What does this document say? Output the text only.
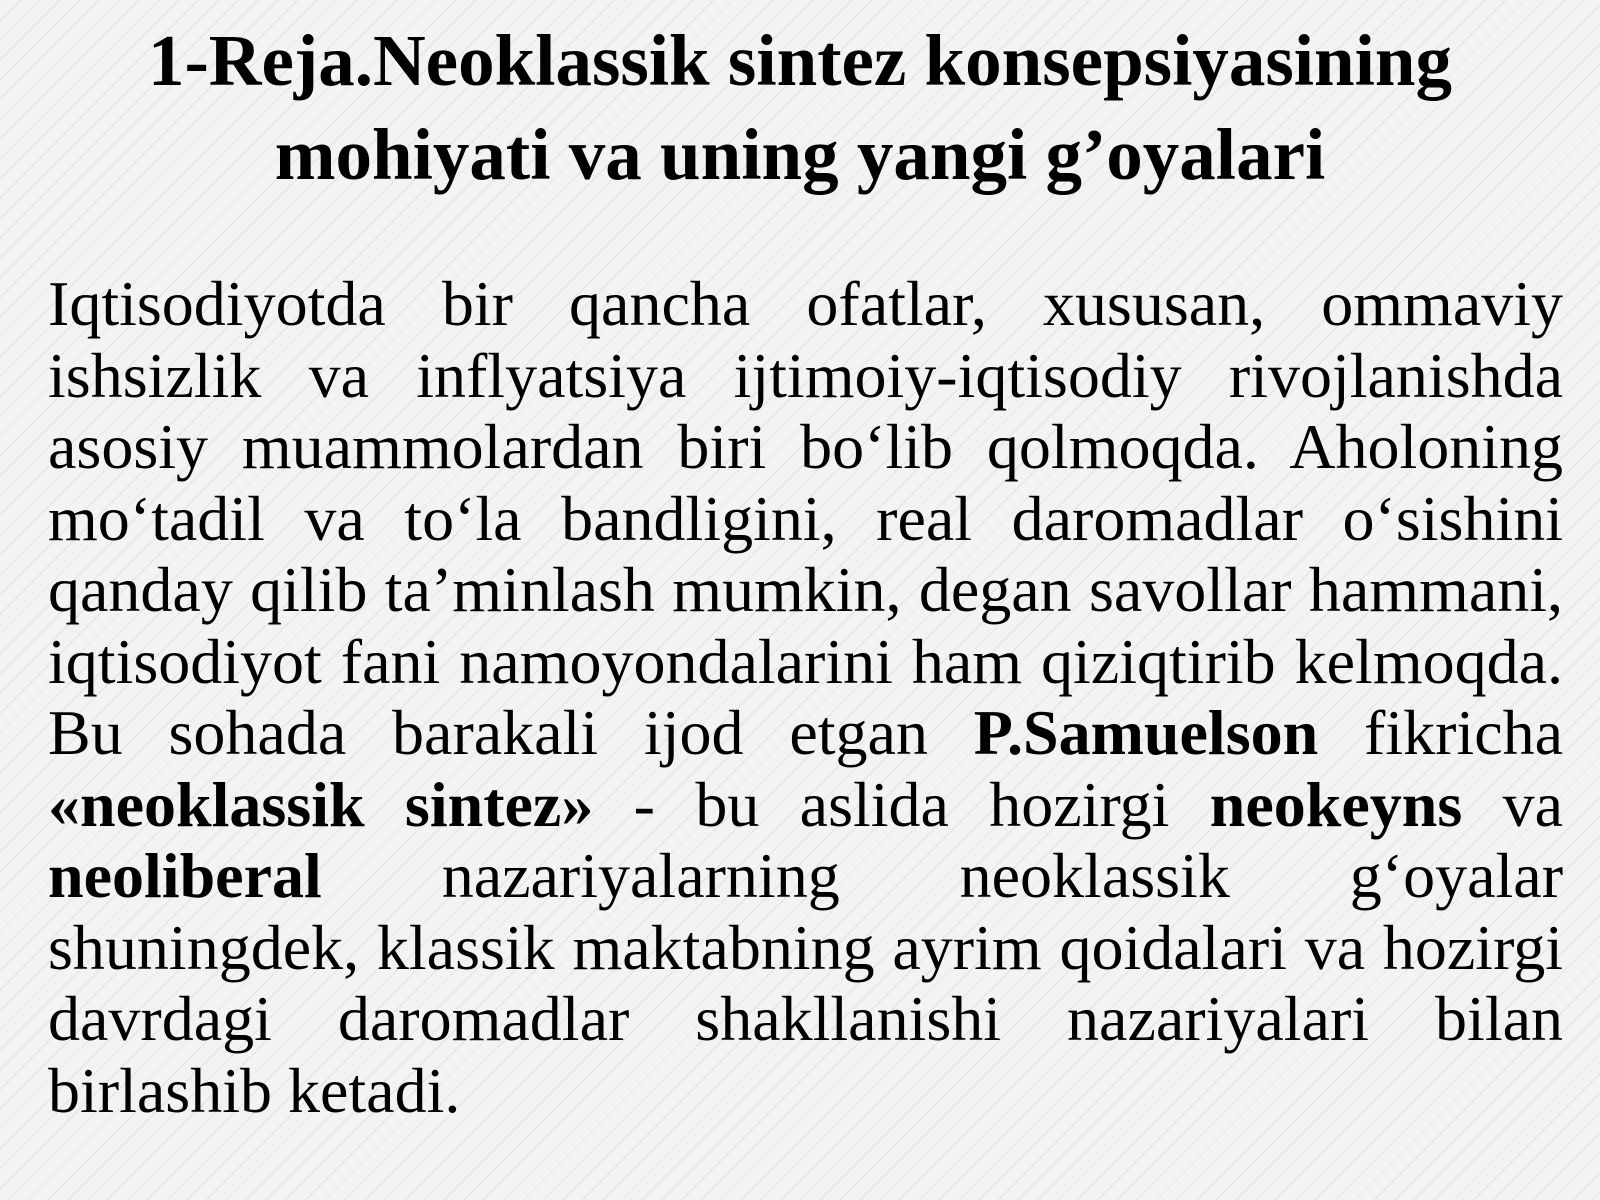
1-Reja.Neoklassik sintez konsepsiyasining mohiyati va uning yangi g’oyalari

Iqtisodiyotda bir qancha ofatlar, xususan, ommaviy ishsizlik va inflyatsiya ijtimoiy-iqtisodiy rivojlanishda asosiy muammolardan biri bo‘lib qolmoqda. Aholoning mo‘tadil va to‘la bandligini, real daromadlar o‘sishini qanday qilib ta’minlash mumkin, degan savollar hammani, iqtisodiyot fani namoyondalarini ham qiziqtirib kelmoqda. Bu sohada barakali ijod etgan P.Samuelson fikricha «neoklassik sintez» - bu aslida hozirgi neokeyns va neoliberal nazariyalarning neoklassik g‘oyalar shuningdek, klassik maktabning ayrim qoidalari va hozirgi davrdagi daromadlar shakllanishi nazariyalari bilan birlashib ketadi.
